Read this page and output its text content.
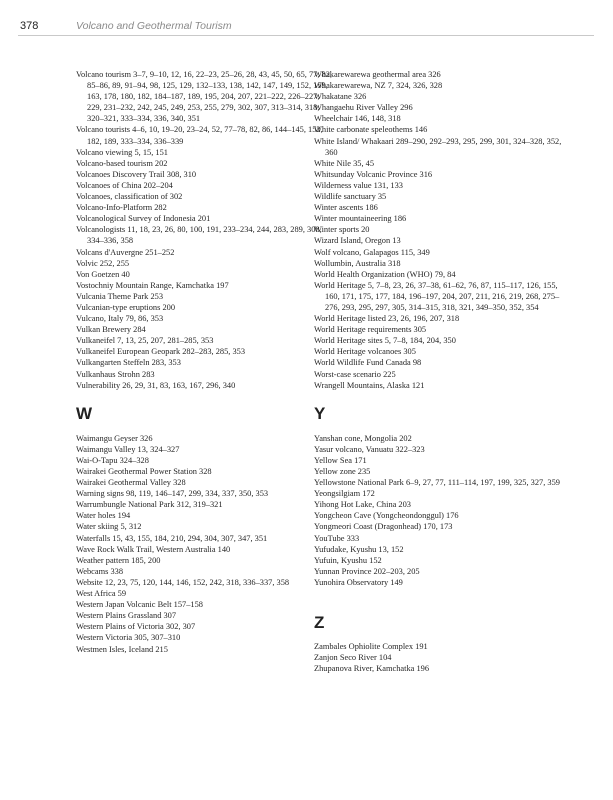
378	Volcano and Geothermal Tourism
Volcano tourism 3–7, 9–10, 12, 16, 22–23, 25–26, 28, 43, 45, 50, 65, 77, 82, 85–86, 89, 91–94, 98, 125, 129, 132–133, 138, 142, 147, 149, 152, 159, 163, 178, 180, 182, 184–187, 189, 195, 204, 207, 221–222, 226–227, 229, 231–232, 242, 245, 249, 253, 255, 279, 302, 307, 313–314, 318, 320–321, 333–334, 336, 340, 351
Volcano tourists 4–6, 10, 19–20, 23–24, 52, 77–78, 82, 86, 144–145, 152, 182, 189, 333–334, 336–339
Volcano viewing 5, 15, 151
Volcano-based tourism 202
Volcanoes Discovery Trail 308, 310
Volcanoes of China 202–204
Volcanoes, classification of 302
Volcano-Info-Platform 282
Volcanological Survey of Indonesia 201
Volcanologists 11, 18, 23, 26, 80, 100, 191, 233–234, 244, 283, 289, 308, 334–336, 358
Volcans d'Auvergne 251–252
Volvic 252, 255
Von Goetzen 40
Vostochniy Mountain Range, Kamchatka 197
Vulcania Theme Park 253
Vulcanian-type eruptions 200
Vulcano, Italy 79, 86, 353
Vulkan Brewery 284
Vulkaneifel 7, 13, 25, 207, 281–285, 353
Vulkaneifel European Geopark 282–283, 285, 353
Vulkangarten Steffeln 283, 353
Vulkanhaus Strohn 283
Vulnerability 26, 29, 31, 83, 163, 167, 296, 340
W
Waimangu Geyser 326
Waimangu Valley 13, 324–327
Wai-O-Tapu 324–328
Wairakei Geothermal Power Station 328
Wairakei Geothermal Valley 328
Warning signs 98, 119, 146–147, 299, 334, 337, 350, 353
Warrumbungle National Park 312, 319–321
Water holes 194
Water skiing 5, 312
Waterfalls 15, 43, 155, 184, 210, 294, 304, 307, 347, 351
Wave Rock Walk Trail, Western Australia 140
Weather pattern 185, 200
Webcams 338
Website 12, 23, 75, 120, 144, 146, 152, 242, 318, 336–337, 358
West Africa 59
Western Japan Volcanic Belt 157–158
Western Plains Grassland 307
Western Plains of Victoria 302, 307
Western Victoria 305, 307–310
Westmen Isles, Iceland 215
Whakarewarewa geothermal area 326
Whakarewarewa, NZ 7, 324, 326, 328
Whakatane 326
Whangaehu River Valley 296
Wheelchair 146, 148, 318
White carbonate speleothems 146
White Island/ Whakaari 289–290, 292–293, 295, 299, 301, 324–328, 352, 360
White Nile 35, 45
Whitsunday Volcanic Province 316
Wilderness value 131, 133
Wildlife sanctuary 35
Winter ascents 186
Winter mountaineering 186
Winter sports 20
Wizard Island, Oregon 13
Wolf volcano, Galapagos 115, 349
Wollumbin, Australia 318
World Health Organization (WHO) 79, 84
World Heritage 5, 7–8, 23, 26, 37–38, 61–62, 76, 87, 115–117, 126, 155, 160, 171, 175, 177, 184, 196–197, 204, 207, 211, 216, 219, 268, 275–276, 293, 295, 297, 305, 314–315, 318, 321, 349–350, 352, 354
World Heritage listed 23, 26, 196, 207, 318
World Heritage requirements 305
World Heritage sites 5, 7–8, 184, 204, 350
World Heritage volcanoes 305
World Wildlife Fund Canada 98
Worst-case scenario 225
Wrangell Mountains, Alaska 121
Y
Yanshan cone, Mongolia 202
Yasur volcano, Vanuatu 322–323
Yellow Sea 171
Yellow zone 235
Yellowstone National Park 6–9, 27, 77, 111–114, 197, 199, 325, 327, 359
Yeongsilgiam 172
Yihong Hot Lake, China 203
Yongcheon Cave (Yongcheondonggul) 176
Yongmeori Coast (Dragonhead) 170, 173
YouTube 333
Yufudake, Kyushu 13, 152
Yufuin, Kyushu 152
Yunnan Province 202–203, 205
Yunohira Observatory 149
Z
Zambales Ophiolite Complex 191
Zanjon Seco River 104
Zhupanova River, Kamchatka 196
